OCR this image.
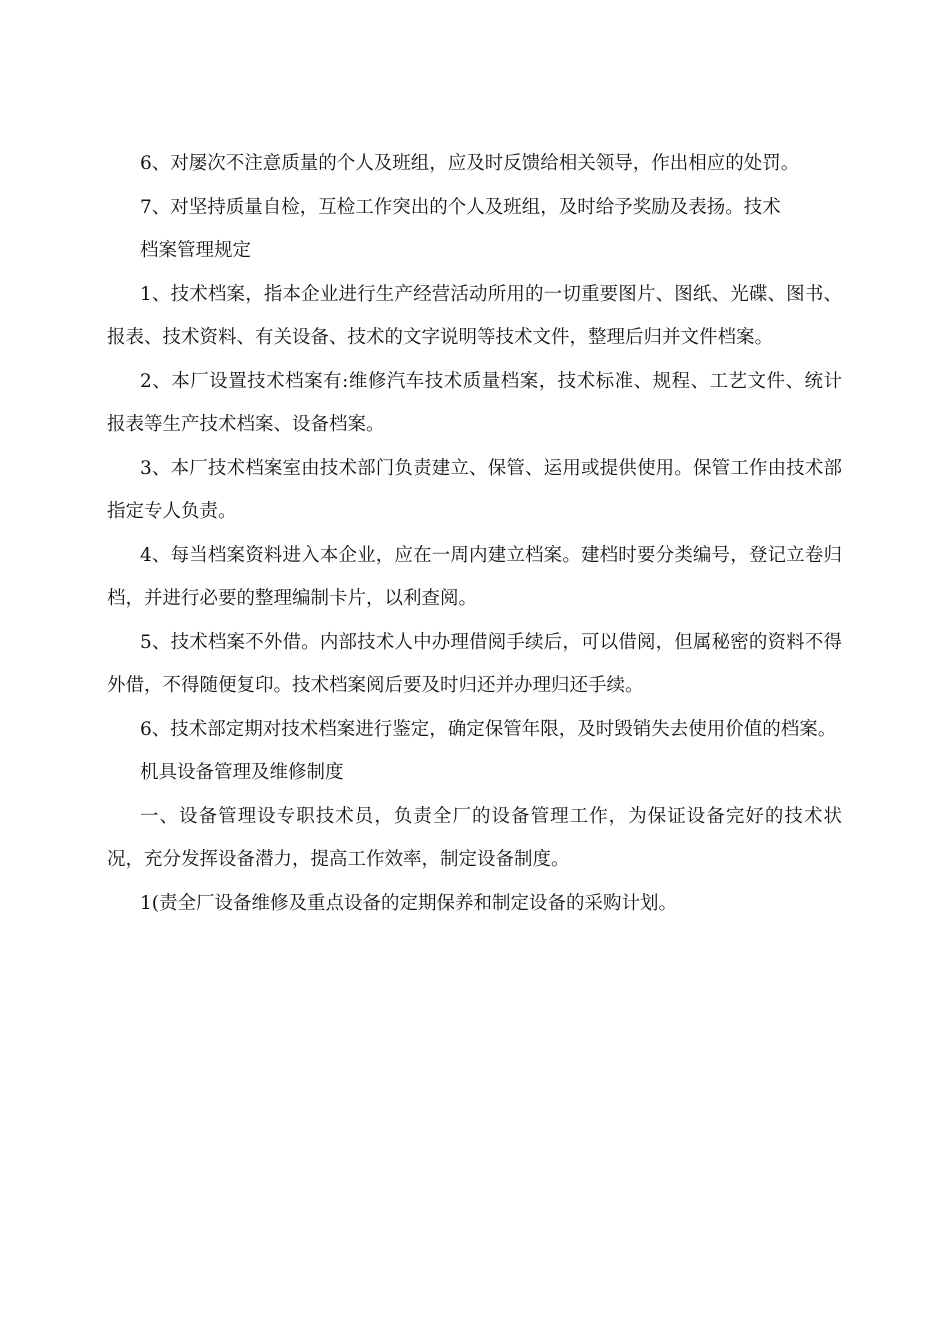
6、对屡次不注意质量的个人及班组，应及时反馈给相关领导，作出相应的处罚。

7、对坚持质量自检，互检工作突出的个人及班组，及时给予奖励及表扬。技术

档案管理规定

1、技术档案，指本企业进行生产经营活动所用的一切重要图片、图纸、光碟、图书、报表、技术资料、有关设备、技术的文字说明等技术文件，整理后归并文件档案。

2、本厂设置技术档案有:维修汽车技术质量档案，技术标准、规程、工艺文件、统计报表等生产技术档案、设备档案。

3、本厂技术档案室由技术部门负责建立、保管、运用或提供使用。保管工作由技术部指定专人负责。

4、每当档案资料进入本企业，应在一周内建立档案。建档时要分类编号，登记立卷归档，并进行必要的整理编制卡片，以利查阅。

5、技术档案不外借。内部技术人中办理借阅手续后，可以借阅，但属秘密的资料不得外借，不得随便复印。技术档案阅后要及时归还并办理归还手续。

6、技术部定期对技术档案进行鉴定，确定保管年限，及时毁销失去使用价值的档案。

机具设备管理及维修制度

一、设备管理设专职技术员，负责全厂的设备管理工作，为保证设备完好的技术状况，充分发挥设备潜力，提高工作效率，制定设备制度。

1(责全厂设备维修及重点设备的定期保养和制定设备的采购计划。
